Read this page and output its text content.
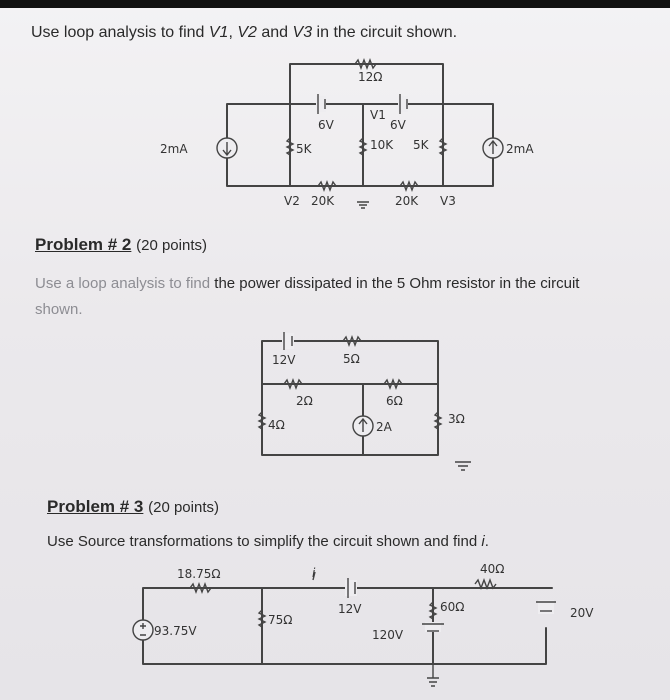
Use loop analysis to find V1, V2 and V3 in the circuit shown.
12Ω
6V	6V
V1
2mA	5K	10K 5K	2mA
V2 20K	20K V3
Problem # 2 (20 points)
Use a loop analysis to find the power dissipated in the 5 Ohm resistor in the circuit
shown.
12V	5Ω
2Ω	6Ω
4Ω	2A
3Ω
Problem # 3 (20 points)
Use Source transformations to simplify the circuit shown and find i.
18.75Ω	i	40Ω
93.75V
75Ω
12V	60Ω	20V
120V
